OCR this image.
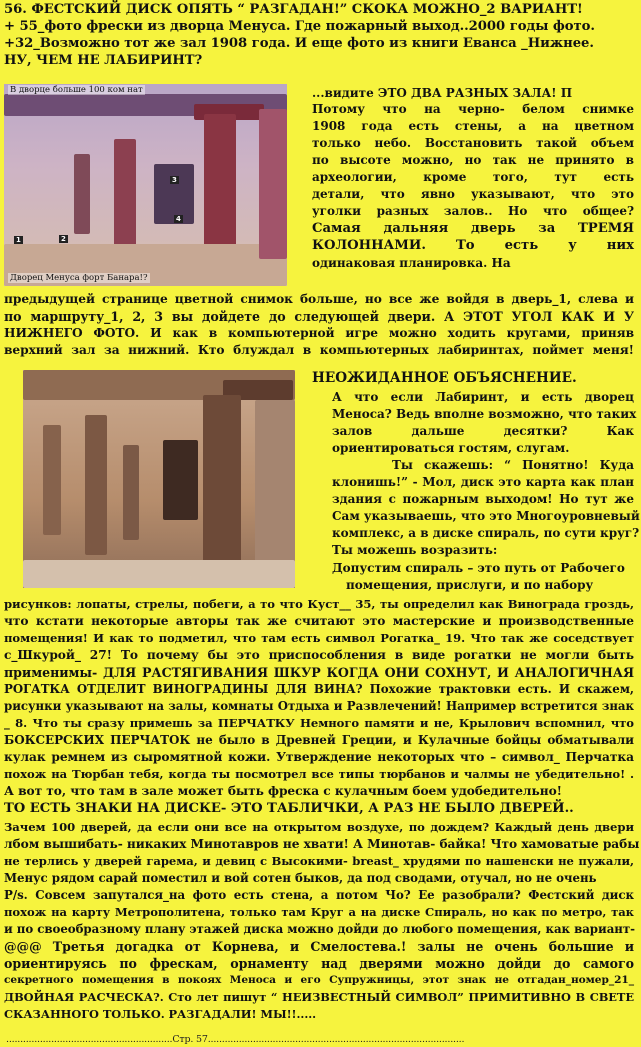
56. ФЕСТСКИЙ ДИСК ОПЯТЬ “ РАЗГАДАН!” СКОКА МОЖНО_2 ВАРИАНТ!
+ 55_фото фрески из дворца Менуса. Где пожарный выход..2000 годы фото.
+32_Возможно тот же зал 1908 года. И еще фото из книги Еванса _Нижнее.
НУ, ЧЕМ НЕ ЛАБИРИНТ?
В дворце больше 100 ком нат
Дворец Менуса форт Банара!?
1	2
3
4
...видите ЭТО ДВА РАЗНЫХ ЗАЛА! П
Потому что на черно- белом снимке
1908 года есть стены, а на цветном
только небо. Восстановить такой объем
по высоте можно, но так не принято в
археологии, кроме того, тут есть
детали, что явно указывают, что это
уголки разных залов.. Но что общее?
Самая дальняя дверь за ТРЕМЯ
КОЛОННАМИ. То есть у них
одинаковая планировка. На
предыдущей странице цветной снимок больше, но все же войдя в дверь_1, слева и
по маршруту_1, 2, 3 вы дойдете до следующей двери. А ЭТОТ УГОЛ КАК И У
НИЖНЕГО ФОТО. И как в компьютерной игре можно ходить кругами, приняв
верхний зал за нижний. Кто блуждал в компьютерных лабиринтах, поймет меня!
НЕОЖИДАННОЕ ОБЪЯСНЕНИЕ.
А что если Лабиринт, и есть дворец
Меноса? Ведь вполне возможно, что таких
залов дальше десятки? Как
ориентироваться гостям, слугам.
Ты скажешь: “ Понятно! Куда
клонишь!” - Мол, диск это карта как план
здания с пожарным выходом! Но тут же
Сам указываешь, что это Многоуровневый
комплекс, а в диске спираль, по сути круг?
Ты можешь возразить:
Допустим спираль – это путь от Рабочего
помещения, прислуги, и по набору
рисунков: лопаты, стрелы, побеги, а то что Куст__ 35, ты определил как Винограда гроздь,
что кстати некоторые авторы так же считают это мастерские и производственные
помещения! И как то подметил, что там есть символ Рогатка_ 19. Что так же соседствует
с_Шкурой_ 27! То почему бы это приспособления в виде рогатки не могли быть
применимы- ДЛЯ РАСТЯГИВАНИЯ ШКУР КОГДА ОНИ СОХНУТ, И АНАЛОГИЧНАЯ
РОГАТКА ОТДЕЛИТ ВИНОГРАДИНЫ ДЛЯ ВИНА? Похожие трактовки есть. И скажем,
рисунки указывают на залы, комнаты Отдыха и Развлечений! Например встретится знак
_ 8. Что ты сразу примешь за ПЕРЧАТКУ Немного памяти и не, Крылович вспомнил, что
БОКСЕРСКИХ ПЕРЧАТОК не было в Древней Греции, и Кулачные бойцы обматывали
кулак ремнем из сыромятной кожи. Утверждение некоторых что – символ_ Перчатка
похож на Тюрбан тебя, когда ты посмотрел все типы тюрбанов и чалмы не убедительно! .
А вот то, что там в зале может быть фреска с кулачным боем удобедительно!
ТО ЕСТЬ ЗНАКИ НА ДИСКЕ- ЭТО ТАБЛИЧКИ, А РАЗ НЕ БЫЛО ДВЕРЕЙ..
Зачем 100 дверей, да если они все на открытом воздухе, по дождем? Каждый день двери
лбом вышибать- никаких Минотавров не хвати! А Минотав- байка! Что хамоватые рабы
не терлись у дверей гарема, и девиц с Высокими- breast_ хрудями по нашенски не пужали,
Менус рядом сарай поместил и вой сотен быков, да под сводами, отучал, но не очень
P/s. Совсем запутался_на фото есть стена, а потом Чо? Ее разобрали? Фестский диск
похож на карту Метрополитена, только там Круг а на диске Спираль, но как по метро, так
и по своеобразному плану этажей диска можно дойди до любого помещения, как вариант-
@@@ Третья догадка от Корнева, и Смелостева.! залы не очень большие и
ориентируясь по фрескам, орнаменту над дверями можно дойди до самого
секретного помещения в покоях Меноса и его Супружницы, этот знак не отгадан_номер_21_
ДВОЙНАЯ РАСЧЕСКА?. Сто лет пишут “ НЕИЗВЕСТНЫЙ СИМВОЛ” ПРИМИТИВНО В СВЕТЕ
СКАЗАННОГО ТОЛЬКО. РАЗГАДАЛИ! МЫ!!.....
...........................................................Стр. 57...........................................................................................
